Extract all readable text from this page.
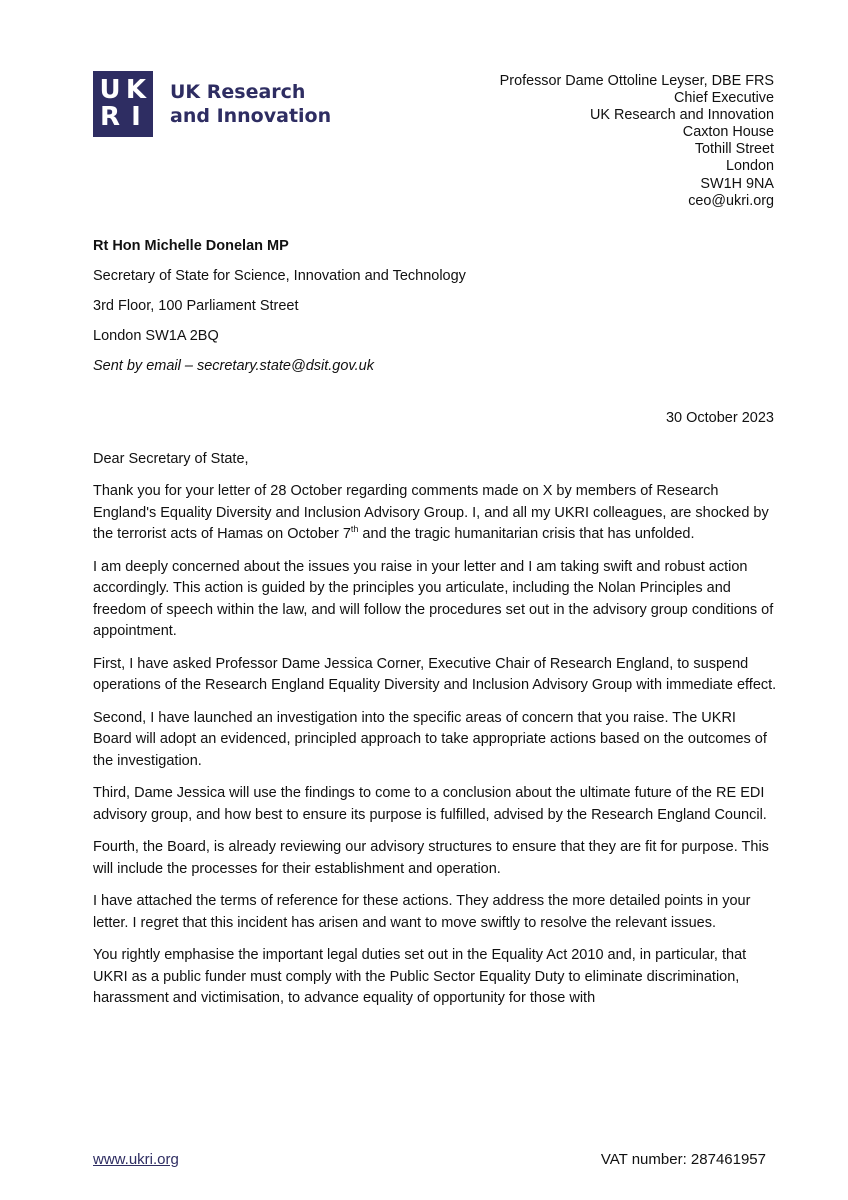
U K
R I
UK Research
and Innovation
Professor Dame Ottoline Leyser, DBE FRS
Chief Executive
UK Research and Innovation
Caxton House
Tothill Street
London
SW1H 9NA
ceo@ukri.org
Rt Hon Michelle Donelan MP
Secretary of State for Science, Innovation and Technology
3rd Floor, 100 Parliament Street
London SW1A 2BQ
Sent by email – secretary.state@dsit.gov.uk
30 October 2023
Dear Secretary of State,

Thank you for your letter of 28 October regarding comments made on X by members of Research England's Equality Diversity and Inclusion Advisory Group. I, and all my UKRI colleagues, are shocked by the terrorist acts of Hamas on October 7th and the tragic humanitarian crisis that has unfolded.

I am deeply concerned about the issues you raise in your letter and I am taking swift and robust action accordingly. This action is guided by the principles you articulate, including the Nolan Principles and freedom of speech within the law, and will follow the procedures set out in the advisory group conditions of appointment.

First, I have asked Professor Dame Jessica Corner, Executive Chair of Research England, to suspend operations of the Research England Equality Diversity and Inclusion Advisory Group with immediate effect.

Second, I have launched an investigation into the specific areas of concern that you raise. The UKRI Board will adopt an evidenced, principled approach to take appropriate actions based on the outcomes of the investigation.

Third, Dame Jessica will use the findings to come to a conclusion about the ultimate future of the RE EDI advisory group, and how best to ensure its purpose is fulfilled, advised by the Research England Council.

Fourth, the Board, is already reviewing our advisory structures to ensure that they are fit for purpose. This will include the processes for their establishment and operation.

I have attached the terms of reference for these actions. They address the more detailed points in your letter. I regret that this incident has arisen and want to move swiftly to resolve the relevant issues.

You rightly emphasise the important legal duties set out in the Equality Act 2010 and, in particular, that UKRI as a public funder must comply with the Public Sector Equality Duty to eliminate discrimination, harassment and victimisation, to advance equality of opportunity for those with

www.ukri.org	VAT number: 287461957
